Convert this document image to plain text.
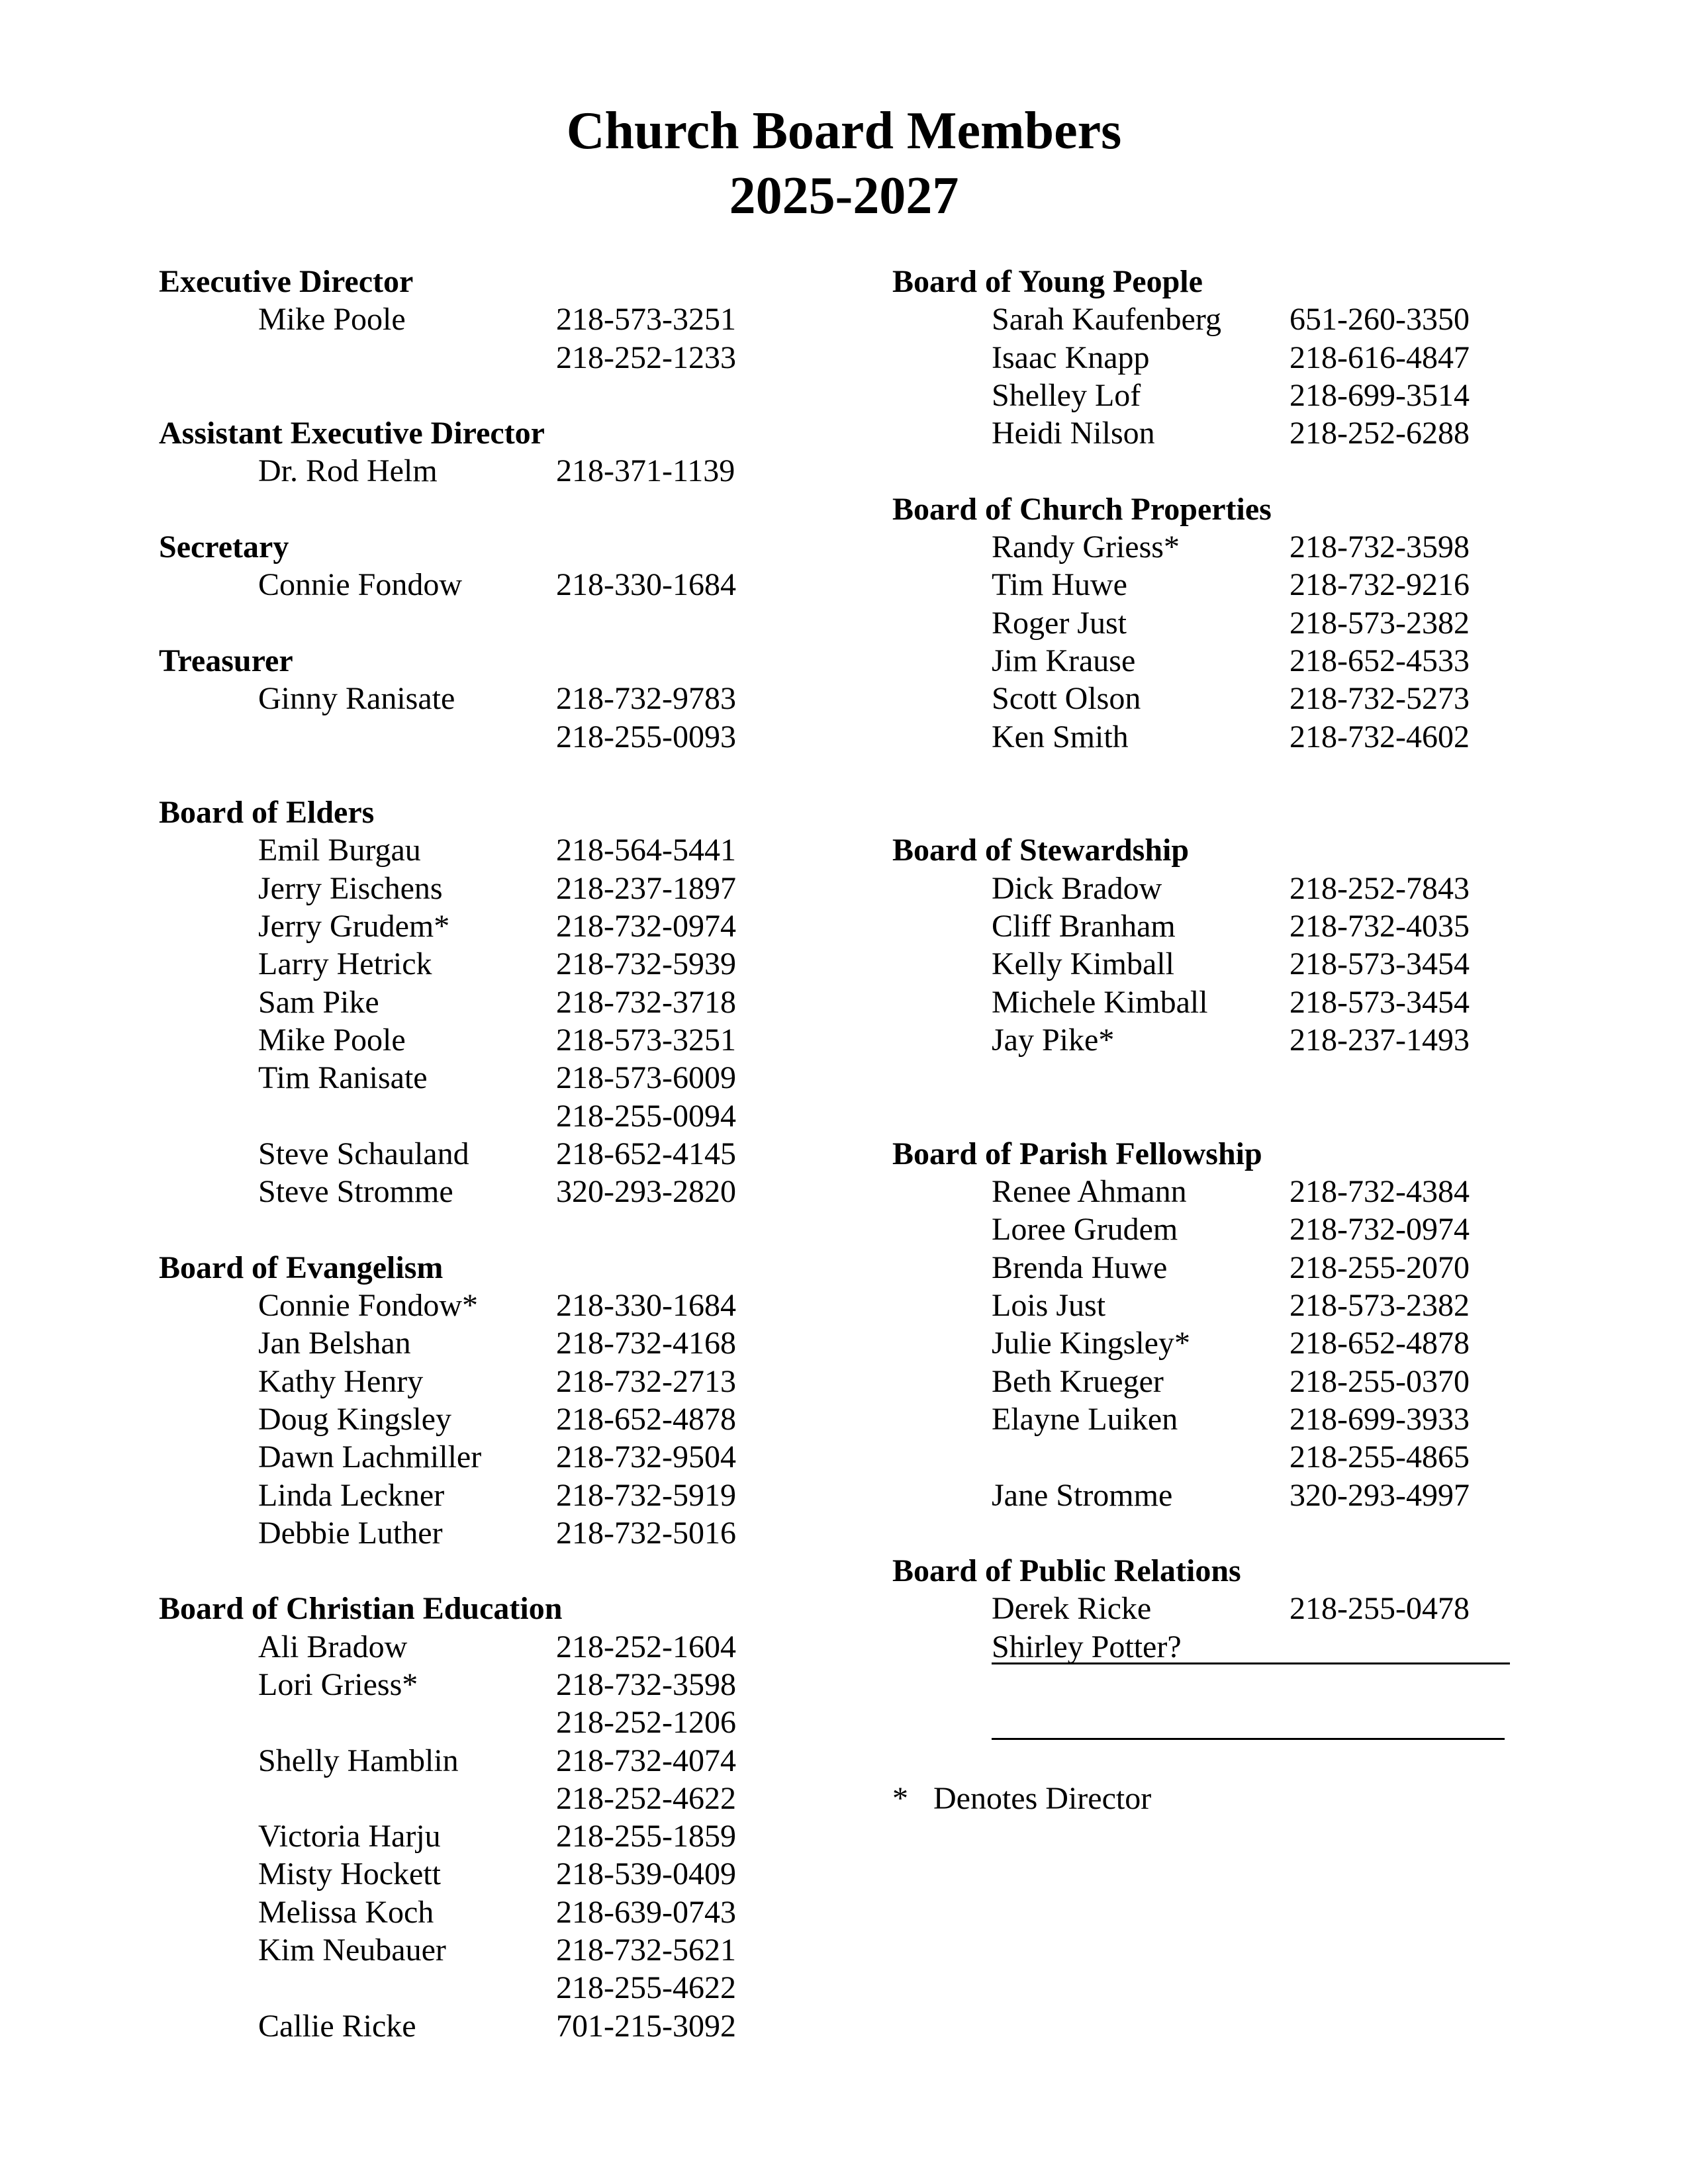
Church Board Members
2025-2027
Executive Director
Mike Poole	218-573-3251
218-252-1233
Assistant Executive Director
Dr. Rod Helm	218-371-1139
Secretary
Connie Fondow	218-330-1684
Treasurer
Ginny Ranisate	218-732-9783
218-255-0093
Board of Elders
Emil Burgau	218-564-5441
Jerry Eischens	218-237-1897
Jerry Grudem*	218-732-0974
Larry Hetrick	218-732-5939
Sam Pike	218-732-3718
Mike Poole	218-573-3251
Tim Ranisate	218-573-6009
218-255-0094
Steve Schauland	218-652-4145
Steve Stromme	320-293-2820
Board of Evangelism
Connie Fondow* 218-330-1684
Jan Belshan	218-732-4168
Kathy Henry	218-732-2713
Doug Kingsley	218-652-4878
Dawn Lachmiller 218-732-9504
Linda Leckner	218-732-5919
Debbie Luther	218-732-5016
Board of Christian Education
Ali Bradow	218-252-1604
Lori Griess*	218-732-3598
218-252-1206
Shelly Hamblin	218-732-4074
218-252-4622
Victoria Harju	218-255-1859
Misty Hockett	218-539-0409
Melissa Koch	218-639-0743
Kim Neubauer	218-732-5621
218-255-4622
Callie Ricke	701-215-3092
Board of Young People
Sarah Kaufenberg 651-260-3350
Isaac Knapp	218-616-4847
Shelley Lof	218-699-3514
Heidi Nilson	218-252-6288
Board of Church Properties
Randy Griess*	218-732-3598
Tim Huwe	218-732-9216
Roger Just	218-573-2382
Jim Krause	218-652-4533
Scott Olson	218-732-5273
Ken Smith	218-732-4602
Board of Stewardship
Dick Bradow	218-252-7843
Cliff Branham	218-732-4035
Kelly Kimball	218-573-3454
Michele Kimball	218-573-3454
Jay Pike*	218-237-1493
Board of Parish Fellowship
Renee Ahmann	218-732-4384
Loree Grudem	218-732-0974
Brenda Huwe	218-255-2070
Lois Just	218-573-2382
Julie Kingsley*	218-652-4878
Beth Krueger	218-255-0370
Elayne Luiken	218-699-3933
218-255-4865
Jane Stromme	320-293-4997
Board of Public Relations
Derek Ricke	218-255-0478
Shirley Potter?
* Denotes Director
